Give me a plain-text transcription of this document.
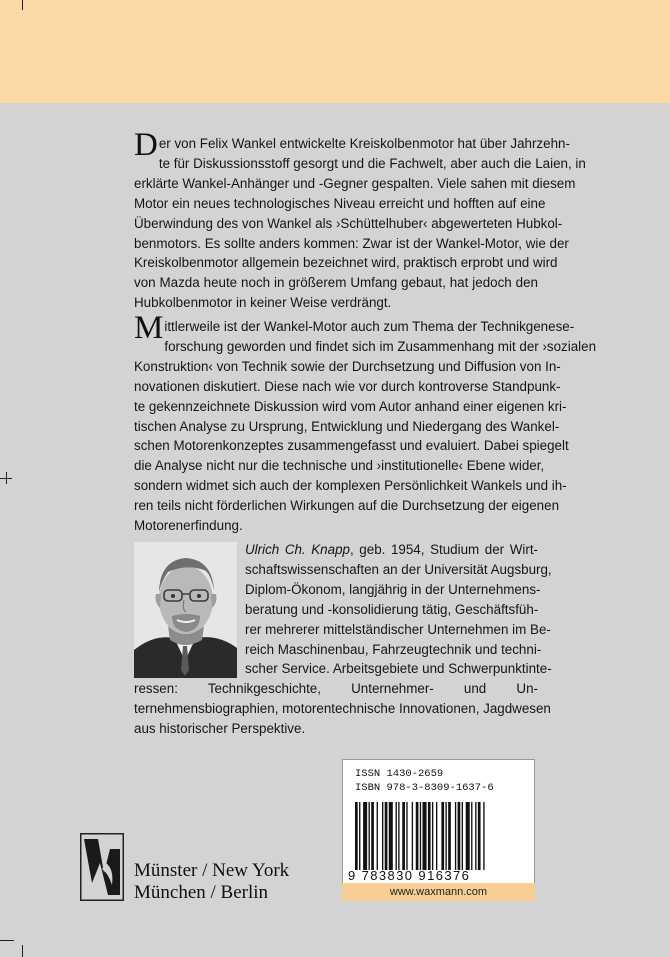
D er von Felix Wankel entwickelte Kreiskolbenmotor hat über Jahrzehn-
te für Diskussionsstoff gesorgt und die Fachwelt, aber auch die Laien, in
erklärte Wankel-Anhänger und -Gegner gespalten. Viele sahen mit diesem
Motor ein neues technologisches Niveau erreicht und hofften auf eine
Überwindung des von Wankel als ›Schüttelhuber‹ abgewerteten Hubkol-
benmotors. Es sollte anders kommen: Zwar ist der Wankel-Motor, wie der
Kreiskolbenmotor allgemein bezeichnet wird, praktisch erprobt und wird
von Mazda heute noch in größerem Umfang gebaut, hat jedoch den
Hubkolbenmotor in keiner Weise verdrängt.
M ittlerweile ist der Wankel-Motor auch zum Thema der Technikgenese-
forschung geworden und findet sich im Zusammenhang mit der ›sozialen
Konstruktion‹ von Technik sowie der Durchsetzung und Diffusion von In-
novationen diskutiert. Diese nach wie vor durch kontroverse Standpunk-
te gekennzeichnete Diskussion wird vom Autor anhand einer eigenen kri-
tischen Analyse zu Ursprung, Entwicklung und Niedergang des Wankel-
schen Motorenkonzeptes zusammengefasst und evaluiert. Dabei spiegelt
die Analyse nicht nur die technische und ›institutionelle‹ Ebene wider,
sondern widmet sich auch der komplexen Persönlichkeit Wankels und ih-
ren teils nicht förderlichen Wirkungen auf die Durchsetzung der eigenen
Motorenerfindung.
Ulrich Ch. Knapp, geb. 1954, Studium der Wirt-
schaftswissenschaften an der Universität Augsburg,
Diplom-Ökonom, langjährig in der Unternehmens-
beratung und -konsolidierung tätig, Geschäftsfüh-
rer mehrerer mittelständischer Unternehmen im Be-
reich Maschinenbau, Fahrzeugtechnik und techni-
scher Service. Arbeitsgebiete und Schwerpunktinte-
ressen: Technikgeschichte, Unternehmer- und Un-
ternehmensbiographien, motorentechnische Innovationen, Jagdwesen
aus historischer Perspektive.
Münster / New York
München / Berlin
ISSN 1430-2659
ISBN 978-3-8309-1637-6
9 783830 916376
www.waxmann.com
